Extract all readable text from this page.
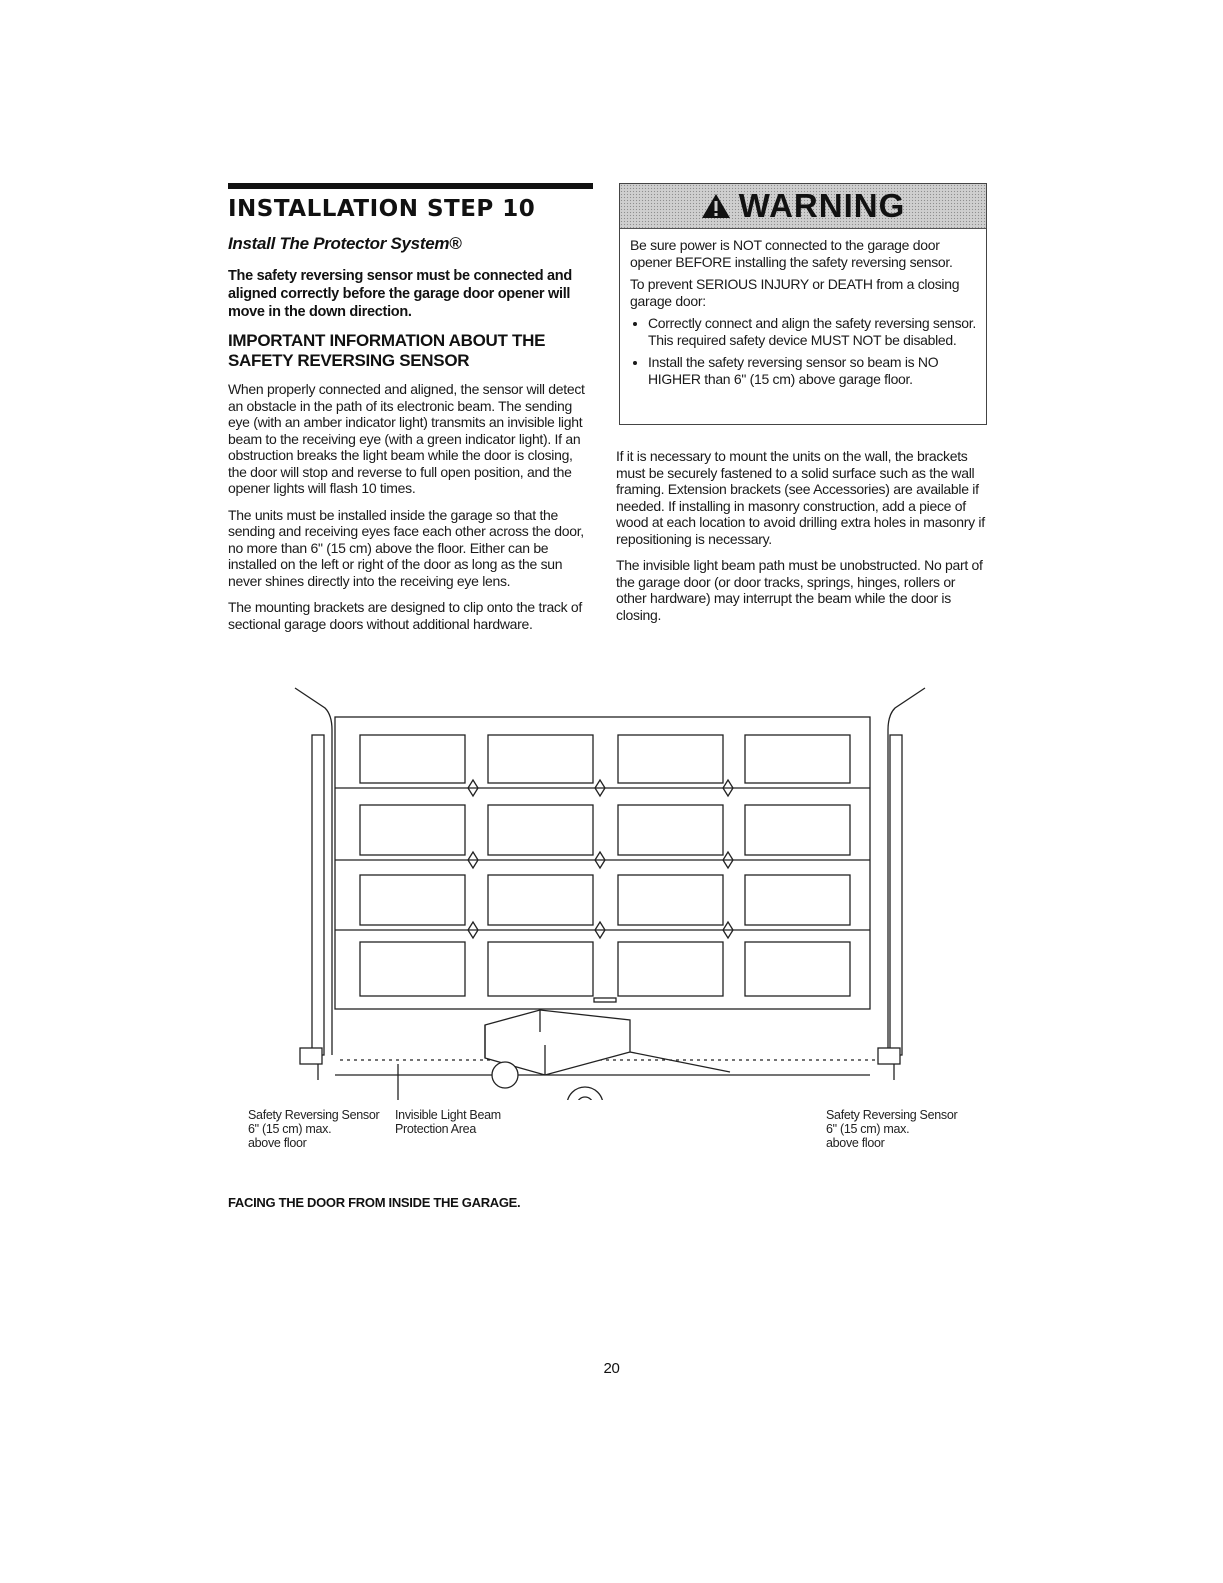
INSTALLATION STEP 10
Install The Protector System®
The safety reversing sensor must be connected and aligned correctly before the garage door opener will move in the down direction.
IMPORTANT INFORMATION ABOUT THE SAFETY REVERSING SENSOR
When properly connected and aligned, the sensor will detect an obstacle in the path of its electronic beam. The sending eye (with an amber indicator light) transmits an invisible light beam to the receiving eye (with a green indicator light). If an obstruction breaks the light beam while the door is closing, the door will stop and reverse to full open position, and the opener lights will flash 10 times.
The units must be installed inside the garage so that the sending and receiving eyes face each other across the door, no more than 6" (15 cm) above the floor. Either can be installed on the left or right of the door as long as the sun never shines directly into the receiving eye lens.
The mounting brackets are designed to clip onto the track of sectional garage doors without additional hardware.
WARNING

Be sure power is NOT connected to the garage door opener BEFORE installing the safety reversing sensor.

To prevent SERIOUS INJURY or DEATH from a closing garage door:

• Correctly connect and align the safety reversing sensor. This required safety device MUST NOT be disabled.
• Install the safety reversing sensor so beam is NO HIGHER than 6" (15 cm) above garage floor.
If it is necessary to mount the units on the wall, the brackets must be securely fastened to a solid surface such as the wall framing. Extension brackets (see Accessories) are available if needed. If installing in masonry construction, add a piece of wood at each location to avoid drilling extra holes in masonry if repositioning is necessary.
The invisible light beam path must be unobstructed. No part of the garage door (or door tracks, springs, hinges, rollers or other hardware) may interrupt the beam while the door is closing.
Safety Reversing Sensor
6" (15 cm) max.
above floor
Invisible Light Beam
Protection Area
Safety Reversing Sensor
6" (15 cm) max.
above floor
FACING THE DOOR FROM INSIDE THE GARAGE.
20
